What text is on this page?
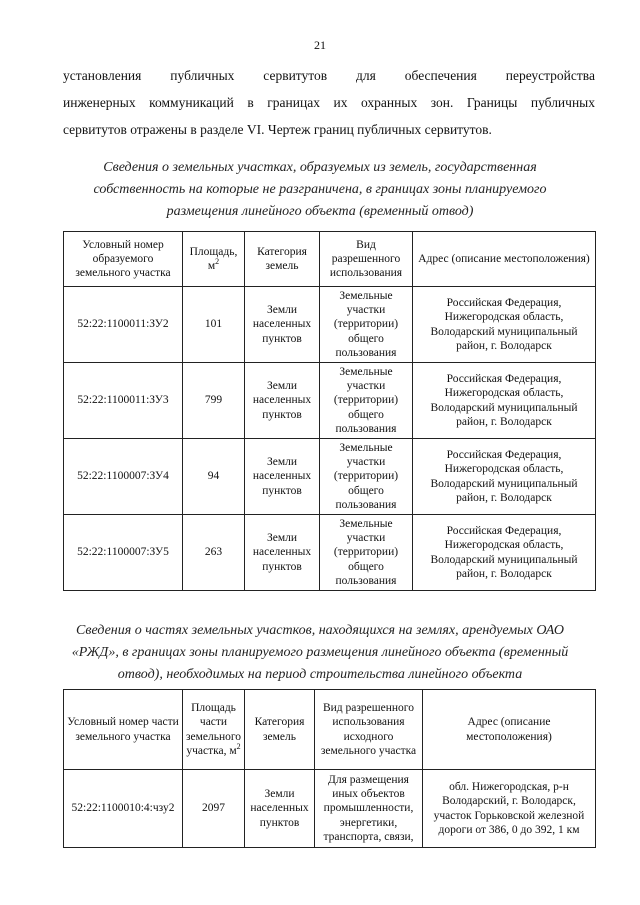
21
установления публичных сервитутов для обеспечения переустройства
инженерных коммуникаций в границах их охранных зон. Границы публичных
сервитутов отражены в разделе VI. Чертеж границ публичных сервитутов.
Сведения о земельных участках, образуемых из земель, государственная
собственность на которые не разграничена, в границах зоны планируемого
размещения линейного объекта (временный отвод)
Условный номер образуемого земельного участка	Площадь, $м^2$	Категория земель	Вид разрешенного использования	Адрес (описание местоположения)
52:22:1100011:ЗУ2	101	Земли населенных пунктов	Земельные участки (территории) общего пользования	Российская Федерация, Нижегородская область, Володарский муниципальный район, г. Володарск
52:22:1100011:ЗУ3	799	Земли населенных пунктов	Земельные участки (территории) общего пользования	Российская Федерация, Нижегородская область, Володарский муниципальный район, г. Володарск
52:22:1100007:ЗУ4	94	Земли населенных пунктов	Земельные участки (территории) общего пользования	Российская Федерация, Нижегородская область, Володарский муниципальный район, г. Володарск
52:22:1100007:ЗУ5	263	Земли населенных пунктов	Земельные участки (территории) общего пользования	Российская Федерация, Нижегородская область, Володарский муниципальный район, г. Володарск
Сведения о частях земельных участков, находящихся на землях, арендуемых ОАО
«РЖД», в границах зоны планируемого размещения линейного объекта (временный
отвод), необходимых на период строительства линейного объекта
Условный номер части земельного участка	Площадь части земельного участка, $м^2$	Категория земель	Вид разрешенного использования исходного земельного участка	Адрес (описание местоположения)
52:22:1100010:4:чзу2	2097	Земли населенных пунктов	Для размещения иных объектов промышленности, энергетики, транспорта, связи,	обл. Нижегородская, р-н Володарский, г. Володарск, участок Горьковской железной дороги от 386, 0 до 392, 1 км
